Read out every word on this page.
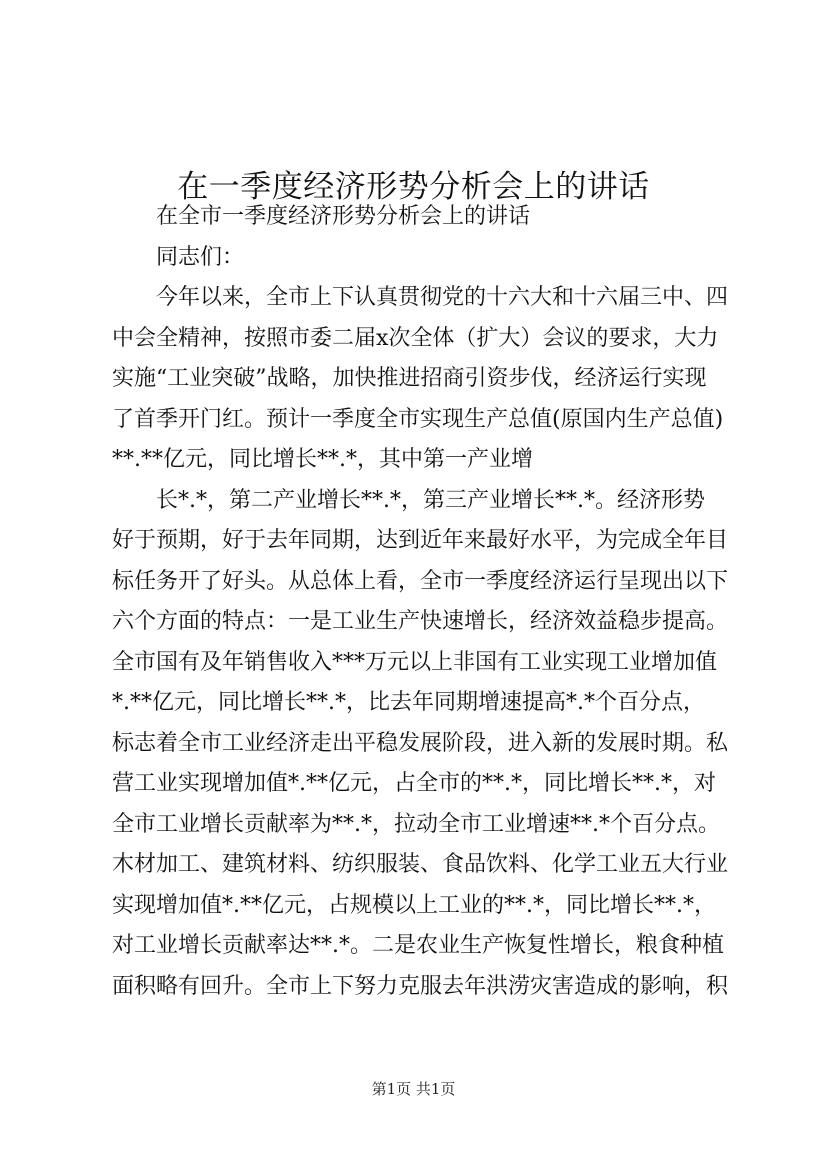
在一季度经济形势分析会上的讲话
在全市一季度经济形势分析会上的讲话
同志们：
今年以来，全市上下认真贯彻党的十六大和十六届三中、四
中会全精神，按照市委二届x次全体（扩大）会议的要求，大力
实施“工业突破”战略，加快推进招商引资步伐，经济运行实现
了首季开门红。预计一季度全市实现生产总值(原国内生产总值)
**.**亿元，同比增长**.*，其中第一产业增
长*.*，第二产业增长**.*，第三产业增长**.*。经济形势
好于预期，好于去年同期，达到近年来最好水平，为完成全年目
标任务开了好头。从总体上看，全市一季度经济运行呈现出以下
六个方面的特点：一是工业生产快速增长，经济效益稳步提高。
全市国有及年销售收入***万元以上非国有工业实现工业增加值
*.**亿元，同比增长**.*，比去年同期增速提高*.*个百分点，
标志着全市工业经济走出平稳发展阶段，进入新的发展时期。私
营工业实现增加值*.**亿元，占全市的**.*，同比增长**.*，对
全市工业增长贡献率为**.*，拉动全市工业增速**.*个百分点。
木材加工、建筑材料、纺织服装、食品饮料、化学工业五大行业
实现增加值*.**亿元，占规模以上工业的**.*，同比增长**.*，
对工业增长贡献率达**.*。二是农业生产恢复性增长，粮食种植
面积略有回升。全市上下努力克服去年洪涝灾害造成的影响，积
第1页 共1页
